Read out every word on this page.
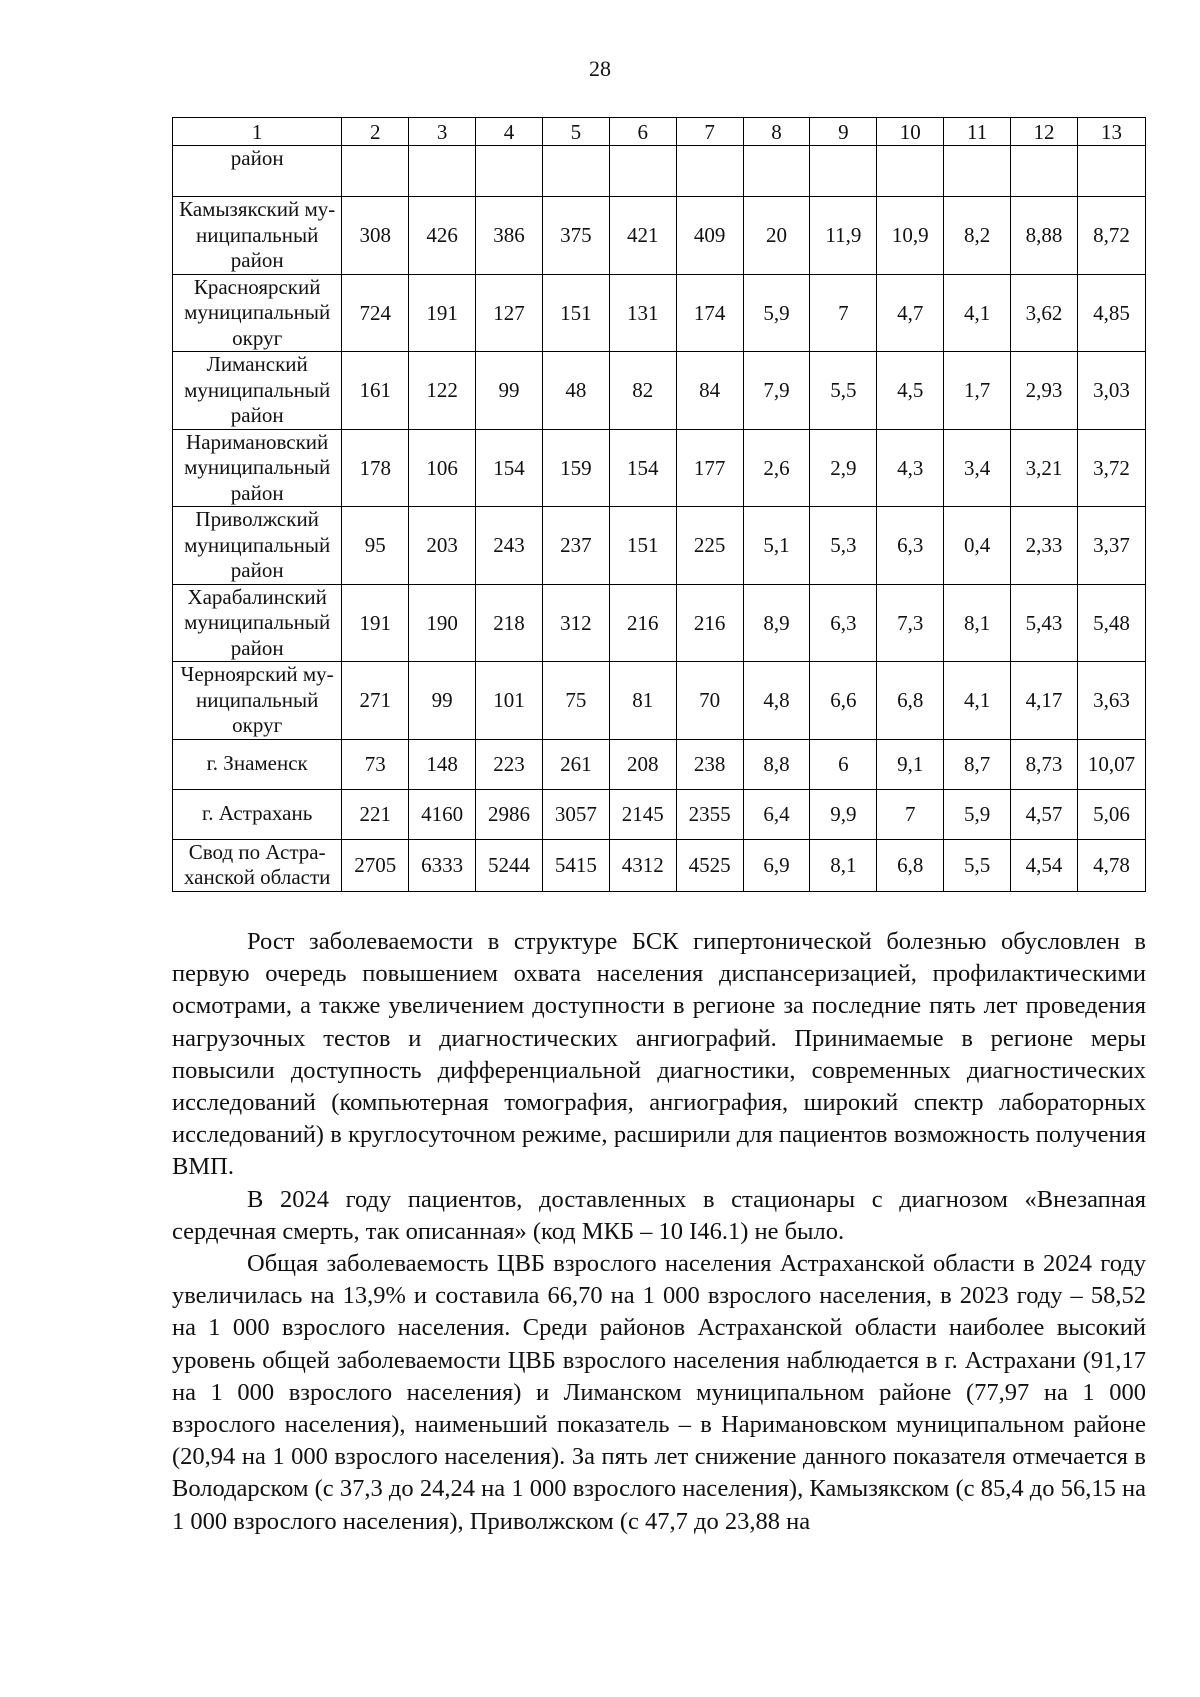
28
1	2	3	4	5	6	7	8	9	10	11	12	13
район												
Камызякский му-
ниципальный
район	308	426	386	375	421	409	20	11,9	10,9	8,2	8,88	8,72
Красноярский
муниципальный
округ	724	191	127	151	131	174	5,9	7	4,7	4,1	3,62	4,85
Лиманский
муниципальный
район	161	122	99	48	82	84	7,9	5,5	4,5	1,7	2,93	3,03
Наримановский
муниципальный
район	178	106	154	159	154	177	2,6	2,9	4,3	3,4	3,21	3,72
Приволжский
муниципальный
район	95	203	243	237	151	225	5,1	5,3	6,3	0,4	2,33	3,37
Харабалинский
муниципальный
район	191	190	218	312	216	216	8,9	6,3	7,3	8,1	5,43	5,48
Черноярский му-
ниципальный
округ	271	99	101	75	81	70	4,8	6,6	6,8	4,1	4,17	3,63
г. Знаменск	73	148	223	261	208	238	8,8	6	9,1	8,7	8,73	10,07
г. Астрахань	221	4160	2986	3057	2145	2355	6,4	9,9	7	5,9	4,57	5,06
Свод по Астра-
ханской области	2705	6333	5244	5415	4312	4525	6,9	8,1	6,8	5,5	4,54	4,78

Рост заболеваемости в структуре БСК гипертонической болезнью обусловлен в первую очередь повышением охвата населения диспансеризацией, профилактическими осмотрами, а также увеличением доступности в регионе за последние пять лет проведения нагрузочных тестов и диагностических ангиографий. Принимаемые в регионе меры повысили доступность дифференциальной диагностики, современных диагностических исследований (компьютерная томография, ангиография, широкий спектр лабораторных исследований) в круглосуточном режиме, расширили для пациентов возможность получения ВМП.

В 2024 году пациентов, доставленных в стационары с диагнозом «Внезапная сердечная смерть, так описанная» (код МКБ – 10 I46.1) не было.

Общая заболеваемость ЦВБ взрослого населения Астраханской области в 2024 году увеличилась на 13,9% и составила 66,70 на 1 000 взрослого населения, в 2023 году – 58,52 на 1 000 взрослого населения. Среди районов Астраханской области наиболее высокий уровень общей заболеваемости ЦВБ взрослого населения наблюдается в г. Астрахани (91,17 на 1 000 взрослого населения) и Лиманском муниципальном районе (77,97 на 1 000 взрослого населения), наименьший показатель – в Наримановском муниципальном районе (20,94 на 1 000 взрослого населения). За пять лет снижение данного показателя отмечается в Володарском (с 37,3 до 24,24 на 1 000 взрослого населения), Камызякском (с 85,4 до 56,15 на 1 000 взрослого населения), Приволжском (с 47,7 до 23,88 на
